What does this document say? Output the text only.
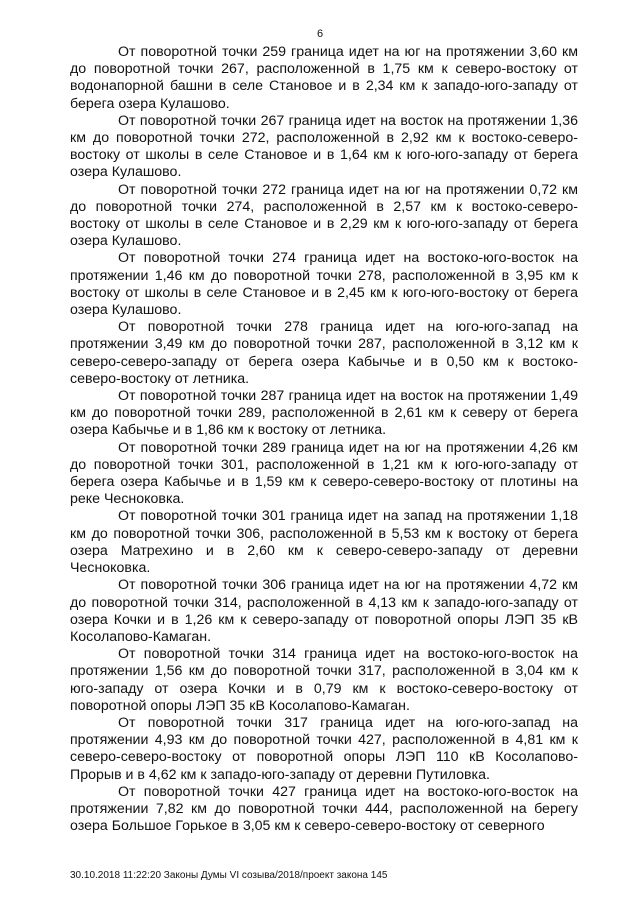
6

От поворотной точки 259 граница идет на юг на протяжении 3,60 км до поворотной точки 267, расположенной в 1,75 км к северо-востоку от водонапорной башни в селе Становое и в 2,34 км к западо-юго-западу от берега озера Кулашово.

От поворотной точки 267 граница идет на восток на протяжении 1,36 км до поворотной точки 272, расположенной в 2,92 км к востоко-северо-востоку от школы в селе Становое и в 1,64 км к юго-юго-западу от берега озера Кулашово.

От поворотной точки 272 граница идет на юг на протяжении 0,72 км до поворотной точки 274, расположенной в 2,57 км к востоко-северо-востоку от школы в селе Становое и в 2,29 км к юго-юго-западу от берега озера Кулашово.

От поворотной точки 274 граница идет на востоко-юго-восток на протяжении 1,46 км до поворотной точки 278, расположенной в 3,95 км к востоку от школы в селе Становое и в 2,45 км к юго-юго-востоку от берега озера Кулашово.

От поворотной точки 278 граница идет на юго-юго-запад на протяжении 3,49 км до поворотной точки 287, расположенной в 3,12 км к северо-северо-западу от берега озера Кабычье и в 0,50 км к востоко-северо-востоку от летника.

От поворотной точки 287 граница идет на восток на протяжении 1,49 км до поворотной точки 289, расположенной в 2,61 км к северу от берега озера Кабычье и в 1,86 км к востоку от летника.

От поворотной точки 289 граница идет на юг на протяжении 4,26 км до поворотной точки 301, расположенной в 1,21 км к юго-юго-западу от берега озера Кабычье и в 1,59 км к северо-северо-востоку от плотины на реке Чесноковка.

От поворотной точки 301 граница идет на запад на протяжении 1,18 км до поворотной точки 306, расположенной в 5,53 км к востоку от берега озера Матрехино и в 2,60 км к северо-северо-западу от деревни Чесноковка.

От поворотной точки 306 граница идет на юг на протяжении 4,72 км до поворотной точки 314, расположенной в 4,13 км к западо-юго-западу от озера Кочки и в 1,26 км к северо-западу от поворотной опоры ЛЭП 35 кВ Косолапово-Камаган.

От поворотной точки 314 граница идет на востоко-юго-восток на протяжении 1,56 км до поворотной точки 317, расположенной в 3,04 км к юго-западу от озера Кочки и в 0,79 км к востоко-северо-востоку от поворотной опоры ЛЭП 35 кВ Косолапово-Камаган.

От поворотной точки 317 граница идет на юго-юго-запад на протяжении 4,93 км до поворотной точки 427, расположенной в 4,81 км к северо-северо-востоку от поворотной опоры ЛЭП 110 кВ Косолапово-Прорыв и в 4,62 км к западо-юго-западу от деревни Путиловка.

От поворотной точки 427 граница идет на востоко-юго-восток на протяжении 7,82 км до поворотной точки 444, расположенной на берегу озера Большое Горькое в 3,05 км к северо-северо-востоку от северного

30.10.2018 11:22:20 Законы Думы VI созыва/2018/проект закона 145
